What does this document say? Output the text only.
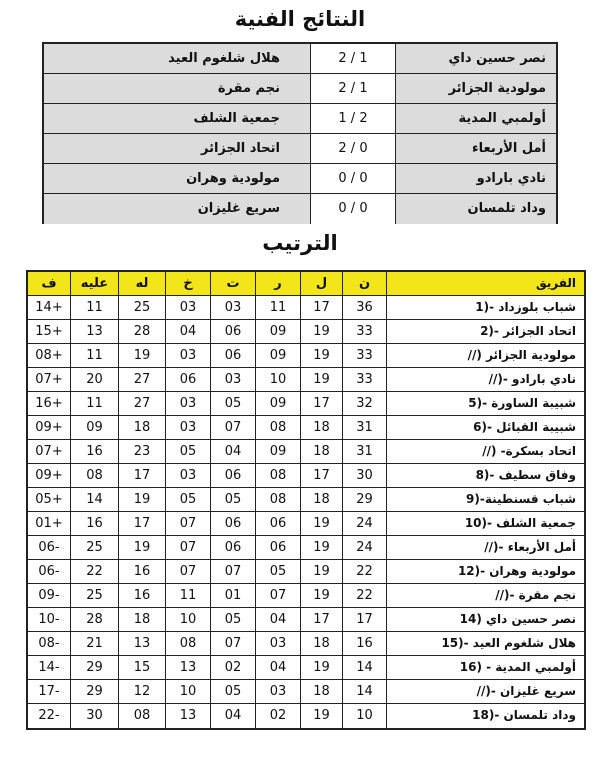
النتائج الفنية
هلال شلغوم العيد	2 / 1	نصر حسين داي
نجم مقرة	2 / 1	مولودية الجزائر
جمعية الشلف	1 / 2	أولمبي المدية
اتحاد الجزائر	2 / 0	أمل الأربعاء
مولودية وهران	0 / 0	نادي بارادو
سريع غليزان	0 / 0	وداد تلمسان
الترتيب
ف	عليه	له	خ	ت	ر	ل	ن	الفريق
14+	11	25	03	03	11	17	36	1)- شباب بلوزداد
15+	13	28	04	06	09	19	33	2)- اتحاد الجزائر
08+	11	19	03	06	09	19	33	//) مولودية الجزائر
07+	20	27	06	03	10	19	33	//)- نادي بارادو
16+	11	27	03	05	09	17	32	5)- شبيبة الساورة
09+	09	18	03	07	08	18	31	6)- شبيبة القبائل
07+	16	23	05	04	09	18	31	//) -اتحاد بسكرة
09+	08	17	03	06	08	17	30	8)- وفاق سطيف
05+	14	19	05	05	08	18	29	9)-شباب قسنطينة
01+	16	17	07	06	06	19	24	10)- جمعية الشلف
06-	25	19	07	06	06	19	24	//)- أمل الأربعاء
06-	22	16	07	07	05	19	22	12)- مولودية وهران
09-	25	16	11	01	07	19	22	//)- نجم مقرة
10-	28	18	10	05	04	17	17	14) نصر حسين داي
08-	21	13	08	07	03	18	16	15)- هلال شلغوم العيد
14-	29	15	13	02	04	19	14	16) - أولمبي المدية
17-	29	12	10	05	03	18	14	//)- سريع غليزان
22-	30	08	13	04	02	19	10	18)- وداد تلمسان
